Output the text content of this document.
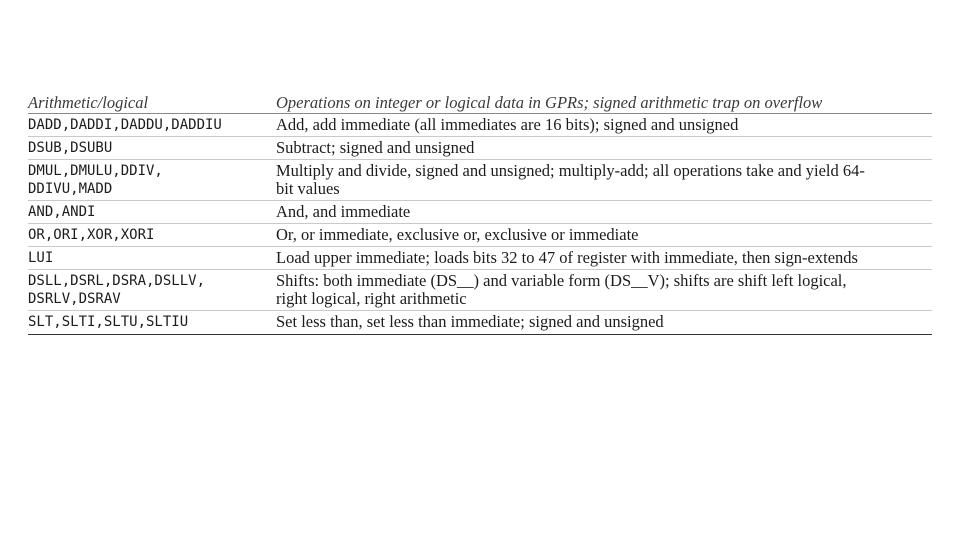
Arithmetic/logical	Operations on integer or logical data in GPRs; signed arithmetic trap on overflow

DADD,DADDI,DADDU,DADDIU	Add, add immediate (all immediates are 16 bits); signed and unsigned

DSUB,DSUBU	Subtract; signed and unsigned

DMUL,DMULU,DDIV,
DDIVU,MADD	Multiply and divide, signed and unsigned; multiply-add; all operations take and yield 64-
bit values

AND,ANDI	And, and immediate

OR,ORI,XOR,XORI	Or, or immediate, exclusive or, exclusive or immediate

LUI	Load upper immediate; loads bits 32 to 47 of register with immediate, then sign-extends

DSLL,DSRL,DSRA,DSLLV,
DSRLV,DSRAV	Shifts: both immediate (DS__) and variable form (DS__V); shifts are shift left logical,
right logical, right arithmetic

SLT,SLTI,SLTU,SLTIU	Set less than, set less than immediate; signed and unsigned
